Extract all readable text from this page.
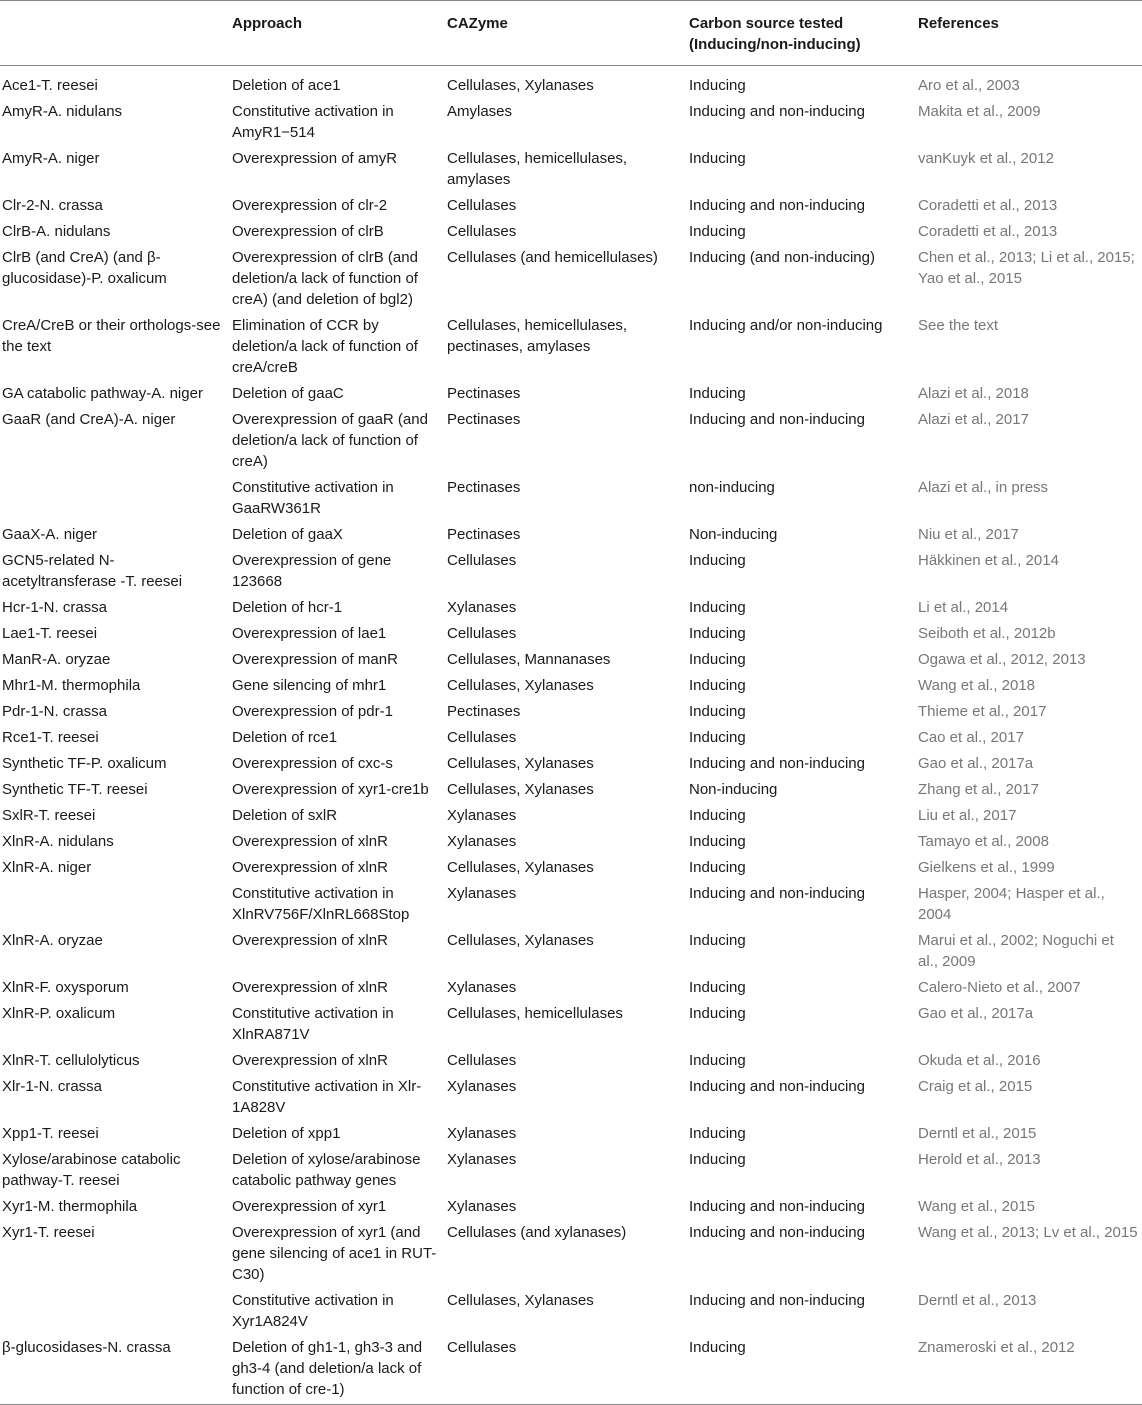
	Approach	CAZyme	Carbon source tested (Inducing/non-inducing)	References
Ace1-T. reesei	Deletion of ace1	Cellulases, Xylanases	Inducing	Aro et al., 2003
AmyR-A. nidulans	Constitutive activation in AmyR1−514	Amylases	Inducing and non-inducing	Makita et al., 2009
AmyR-A. niger	Overexpression of amyR	Cellulases, hemicellulases, amylases	Inducing	vanKuyk et al., 2012
Clr-2-N. crassa	Overexpression of clr-2	Cellulases	Inducing and non-inducing	Coradetti et al., 2013
ClrB-A. nidulans	Overexpression of clrB	Cellulases	Inducing	Coradetti et al., 2013
ClrB (and CreA) (and β-glucosidase)-P. oxalicum	Overexpression of clrB (and deletion/a lack of function of creA) (and deletion of bgl2)	Cellulases (and hemicellulases)	Inducing (and non-inducing)	Chen et al., 2013; Li et al., 2015; Yao et al., 2015
CreA/CreB or their orthologs-see the text	Elimination of CCR by deletion/a lack of function of creA/creB	Cellulases, hemicellulases, pectinases, amylases	Inducing and/or non-inducing	See the text
GA catabolic pathway-A. niger	Deletion of gaaC	Pectinases	Inducing	Alazi et al., 2018
GaaR (and CreA)-A. niger	Overexpression of gaaR (and deletion/a lack of function of creA)	Pectinases	Inducing and non-inducing	Alazi et al., 2017
	Constitutive activation in GaaRW361R	Pectinases	non-inducing	Alazi et al., in press
GaaX-A. niger	Deletion of gaaX	Pectinases	Non-inducing	Niu et al., 2017
GCN5-related N-acetyltransferase -T. reesei	Overexpression of gene 123668	Cellulases	Inducing	Häkkinen et al., 2014
Hcr-1-N. crassa	Deletion of hcr-1	Xylanases	Inducing	Li et al., 2014
Lae1-T. reesei	Overexpression of lae1	Cellulases	Inducing	Seiboth et al., 2012b
ManR-A. oryzae	Overexpression of manR	Cellulases, Mannanases	Inducing	Ogawa et al., 2012, 2013
Mhr1-M. thermophila	Gene silencing of mhr1	Cellulases, Xylanases	Inducing	Wang et al., 2018
Pdr-1-N. crassa	Overexpression of pdr-1	Pectinases	Inducing	Thieme et al., 2017
Rce1-T. reesei	Deletion of rce1	Cellulases	Inducing	Cao et al., 2017
Synthetic TF-P. oxalicum	Overexpression of cxc-s	Cellulases, Xylanases	Inducing and non-inducing	Gao et al., 2017a
Synthetic TF-T. reesei	Overexpression of xyr1-cre1b	Cellulases, Xylanases	Non-inducing	Zhang et al., 2017
SxlR-T. reesei	Deletion of sxlR	Xylanases	Inducing	Liu et al., 2017
XlnR-A. nidulans	Overexpression of xlnR	Xylanases	Inducing	Tamayo et al., 2008
XlnR-A. niger	Overexpression of xlnR	Cellulases, Xylanases	Inducing	Gielkens et al., 1999
	Constitutive activation in XlnRV756F/XlnRL668Stop	Xylanases	Inducing and non-inducing	Hasper, 2004; Hasper et al., 2004
XlnR-A. oryzae	Overexpression of xlnR	Cellulases, Xylanases	Inducing	Marui et al., 2002; Noguchi et al., 2009
XlnR-F. oxysporum	Overexpression of xlnR	Xylanases	Inducing	Calero-Nieto et al., 2007
XlnR-P. oxalicum	Constitutive activation in XlnRA871V	Cellulases, hemicellulases	Inducing	Gao et al., 2017a
XlnR-T. cellulolyticus	Overexpression of xlnR	Cellulases	Inducing	Okuda et al., 2016
Xlr-1-N. crassa	Constitutive activation in Xlr-1A828V	Xylanases	Inducing and non-inducing	Craig et al., 2015
Xpp1-T. reesei	Deletion of xpp1	Xylanases	Inducing	Derntl et al., 2015
Xylose/arabinose catabolic pathway-T. reesei	Deletion of xylose/arabinose catabolic pathway genes	Xylanases	Inducing	Herold et al., 2013
Xyr1-M. thermophila	Overexpression of xyr1	Xylanases	Inducing and non-inducing	Wang et al., 2015
Xyr1-T. reesei	Overexpression of xyr1 (and gene silencing of ace1 in RUT-C30)	Cellulases (and xylanases)	Inducing and non-inducing	Wang et al., 2013; Lv et al., 2015
	Constitutive activation in Xyr1A824V	Cellulases, Xylanases	Inducing and non-inducing	Derntl et al., 2013
β-glucosidases-N. crassa	Deletion of gh1-1, gh3-3 and gh3-4 (and deletion/a lack of function of cre-1)	Cellulases	Inducing	Znameroski et al., 2012
